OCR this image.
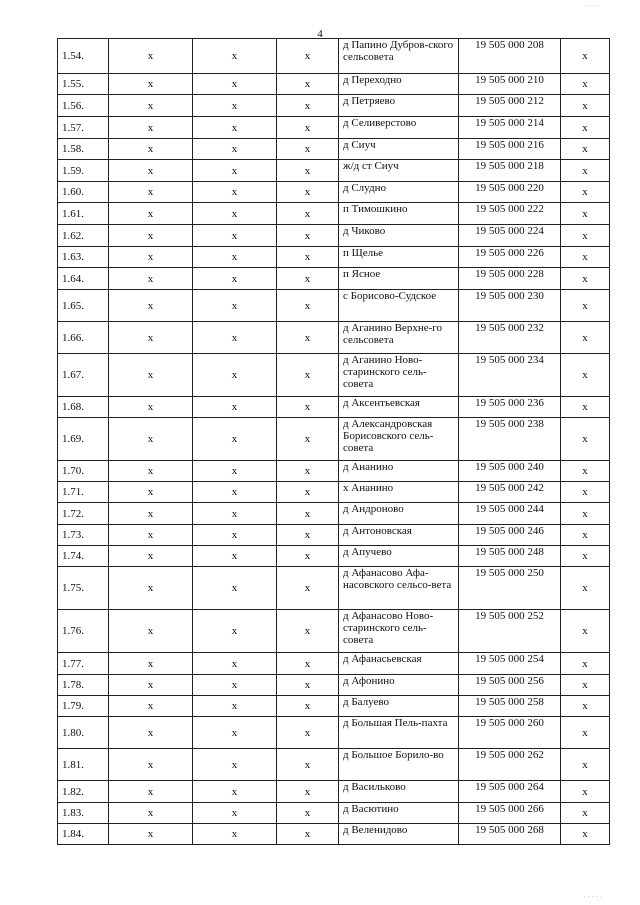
4
1.54.	х	х	х	д Папино Дубров-ского сельсовета	19 505 000 208	х
1.55.	х	х	х	д Переходно	19 505 000 210	х
1.56.	х	х	х	д Петряево	19 505 000 212	х
1.57.	х	х	х	д Селиверстово	19 505 000 214	х
1.58.	х	х	х	д Сиуч	19 505 000 216	х
1.59.	х	х	х	ж/д ст Сиуч	19 505 000 218	х
1.60.	х	х	х	д Слудно	19 505 000 220	х
1.61.	х	х	х	п Тимошкино	19 505 000 222	х
1.62.	х	х	х	д Чиково	19 505 000 224	х
1.63.	х	х	х	п Щелье	19 505 000 226	х
1.64.	х	х	х	п Ясное	19 505 000 228	х
1.65.	х	х	х	с Борисово-Судское	19 505 000 230	х
1.66.	х	х	х	д Аганино Верхне-го сельсовета	19 505 000 232	х
1.67.	х	х	х	д Аганино Ново-старинского сель-совета	19 505 000 234	х
1.68.	х	х	х	д Аксентьевская	19 505 000 236	х
1.69.	х	х	х	д Александровская Борисовского сель-совета	19 505 000 238	х
1.70.	х	х	х	д Ананино	19 505 000 240	х
1.71.	х	х	х	х Ананино	19 505 000 242	х
1.72.	х	х	х	д Андроново	19 505 000 244	х
1.73.	х	х	х	д Антоновская	19 505 000 246	х
1.74.	х	х	х	д Апучево	19 505 000 248	х
1.75.	х	х	х	д Афанасово Афа-насовского сельсо-вета	19 505 000 250	х
1.76.	х	х	х	д Афанасово Ново-старинского сель-совета	19 505 000 252	х
1.77.	х	х	х	д Афанасьевская	19 505 000 254	х
1.78.	х	х	х	д Афонино	19 505 000 256	х
1.79.	х	х	х	д Балуево	19 505 000 258	х
1.80.	х	х	х	д Большая Пель-пахта	19 505 000 260	х
1.81.	х	х	х	д Большое Борило-во	19 505 000 262	х
1.82.	х	х	х	д Васильково	19 505 000 264	х
1.83.	х	х	х	д Васютино	19 505 000 266	х
1.84.	х	х	х	д Веленидово	19 505 000 268	х
· · · ·
· · · · ·
